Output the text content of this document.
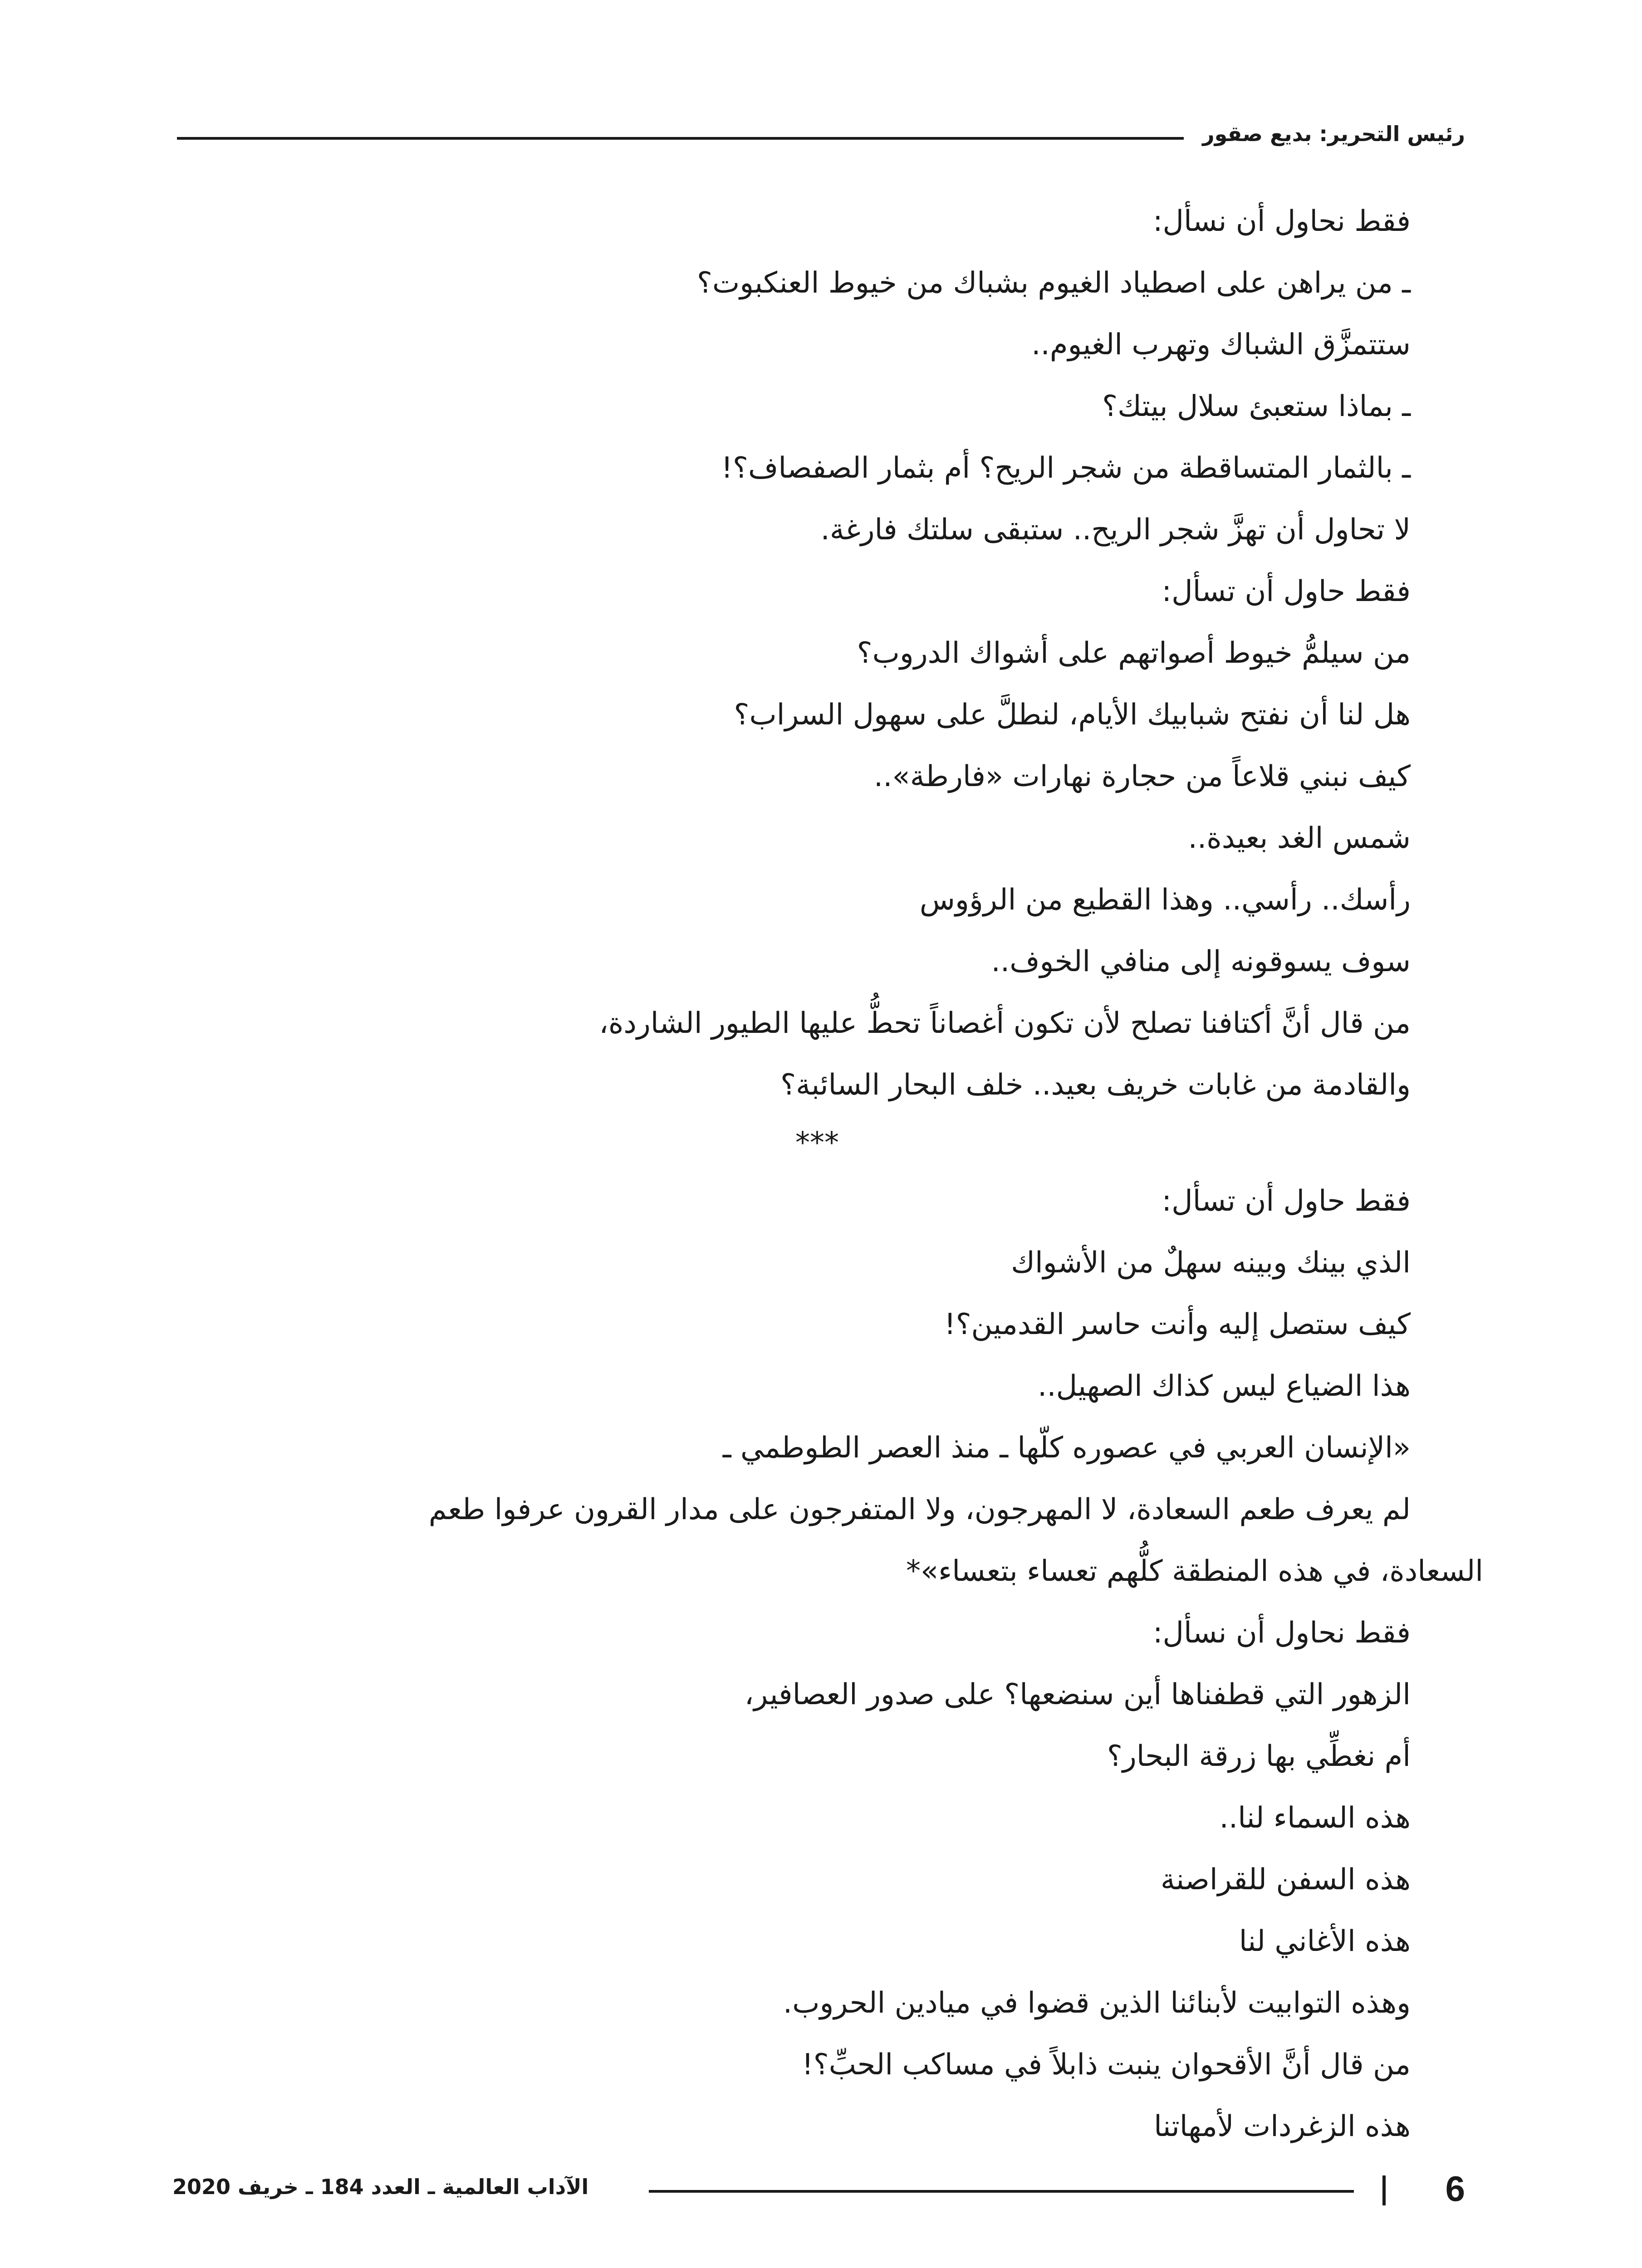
رئيس التحرير: بديع صقور
فقط نحاول أن نسأل:
ـ من يراهن على اصطياد الغيوم بشباك من خيوط العنكبوت؟
ستتمزَّق الشباك وتهرب الغيوم..
ـ بماذا ستعبئ سلال بيتك؟
ـ بالثمار المتساقطة من شجر الريح؟ أم بثمار الصفصاف؟!
لا تحاول أن تهزَّ شجر الريح.. ستبقى سلتك فارغة.
فقط حاول أن تسأل:
من سيلمُّ خيوط أصواتهم على أشواك الدروب؟
هل لنا أن نفتح شبابيك الأيام، لنطلَّ على سهول السراب؟
كيف نبني قلاعاً من حجارة نهارات «فارطة»..
شمس الغد بعيدة..
رأسك.. رأسي.. وهذا القطيع من الرؤوس
سوف يسوقونه إلى منافي الخوف..
من قال أنَّ أكتافنا تصلح لأن تكون أغصاناً تحطُّ عليها الطيور الشاردة،
والقادمة من غابات خريف بعيد.. خلف البحار السائبة؟
***
فقط حاول أن تسأل:
الذي بينك وبينه سهلٌ من الأشواك
كيف ستصل إليه وأنت حاسر القدمين؟!
هذا الضياع ليس كذاك الصهيل..
«الإنسان العربي في عصوره كلّها ـ منذ العصر الطوطمي ـ
لم يعرف طعم السعادة، لا المهرجون، ولا المتفرجون على مدار القرون عرفوا طعم
السعادة، في هذه المنطقة كلُّهم تعساء بتعساء»*
فقط نحاول أن نسأل:
الزهور التي قطفناها أين سنضعها؟ على صدور العصافير،
أم نغطِّي بها زرقة البحار؟
هذه السماء لنا..
هذه السفن للقراصنة
هذه الأغاني لنا
وهذه التوابيت لأبنائنا الذين قضوا في ميادين الحروب.
من قال أنَّ الأقحوان ينبت ذابلاً في مساكب الحبِّ؟!
هذه الزغردات لأمهاتنا
6
الآداب العالمية ـ العدد 184 ـ خريف 2020
